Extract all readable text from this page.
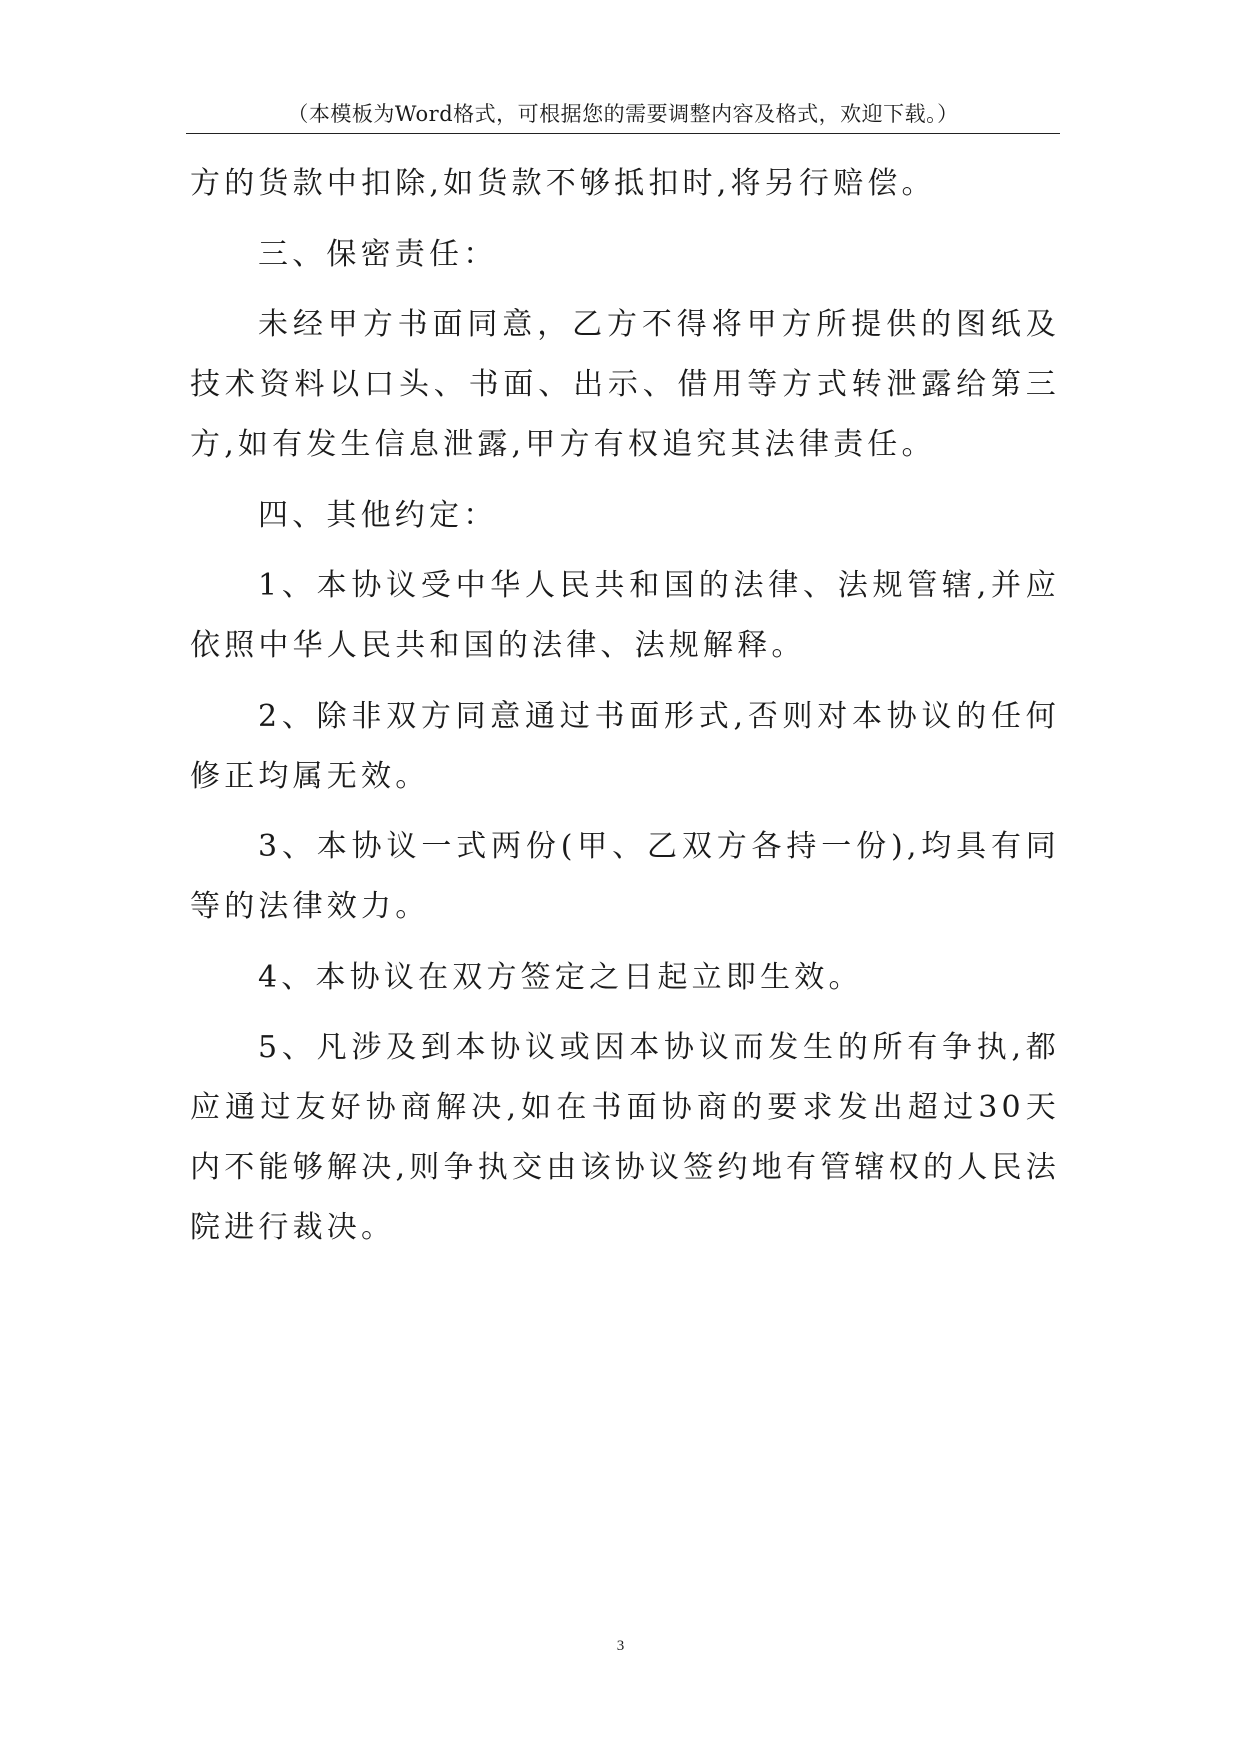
（本模板为Word格式，可根据您的需要调整内容及格式，欢迎下载。）

方的货款中扣除,如货款不够抵扣时,将另行赔偿。

三、保密责任：

未经甲方书面同意，乙方不得将甲方所提供的图纸及技术资料以口头、书面、出示、借用等方式转泄露给第三方,如有发生信息泄露,甲方有权追究其法律责任。

四、其他约定：

1、本协议受中华人民共和国的法律、法规管辖,并应依照中华人民共和国的法律、法规解释。

2、除非双方同意通过书面形式,否则对本协议的任何修正均属无效。

3、本协议一式两份(甲、乙双方各持一份),均具有同等的法律效力。

4、本协议在双方签定之日起立即生效。

5、凡涉及到本协议或因本协议而发生的所有争执,都应通过友好协商解决,如在书面协商的要求发出超过30天内不能够解决,则争执交由该协议签约地有管辖权的人民法院进行裁决。

3
